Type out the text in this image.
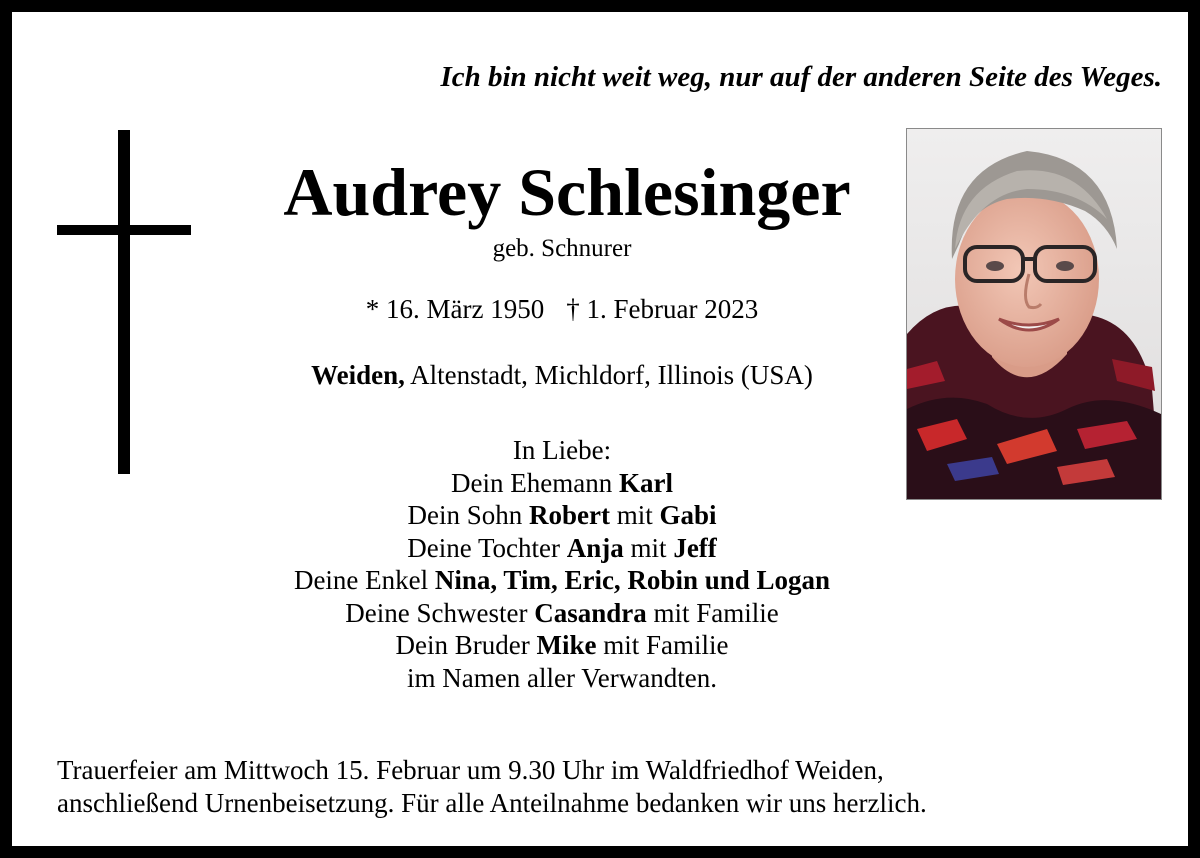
Ich bin nicht weit weg, nur auf der anderen Seite des Weges.
Audrey Schlesinger
geb. Schnurer
* 16. März 1950 † 1. Februar 2023
Weiden, Altenstadt, Michldorf, Illinois (USA)
In Liebe:
Dein Ehemann Karl
Dein Sohn Robert mit Gabi
Deine Tochter Anja mit Jeff
Deine Enkel Nina, Tim, Eric, Robin und Logan
Deine Schwester Casandra mit Familie
Dein Bruder Mike mit Familie
im Namen aller Verwandten.
Trauerfeier am Mittwoch 15. Februar um 9.30 Uhr im Waldfriedhof Weiden,
anschließend Urnenbeisetzung. Für alle Anteilnahme bedanken wir uns herzlich.
